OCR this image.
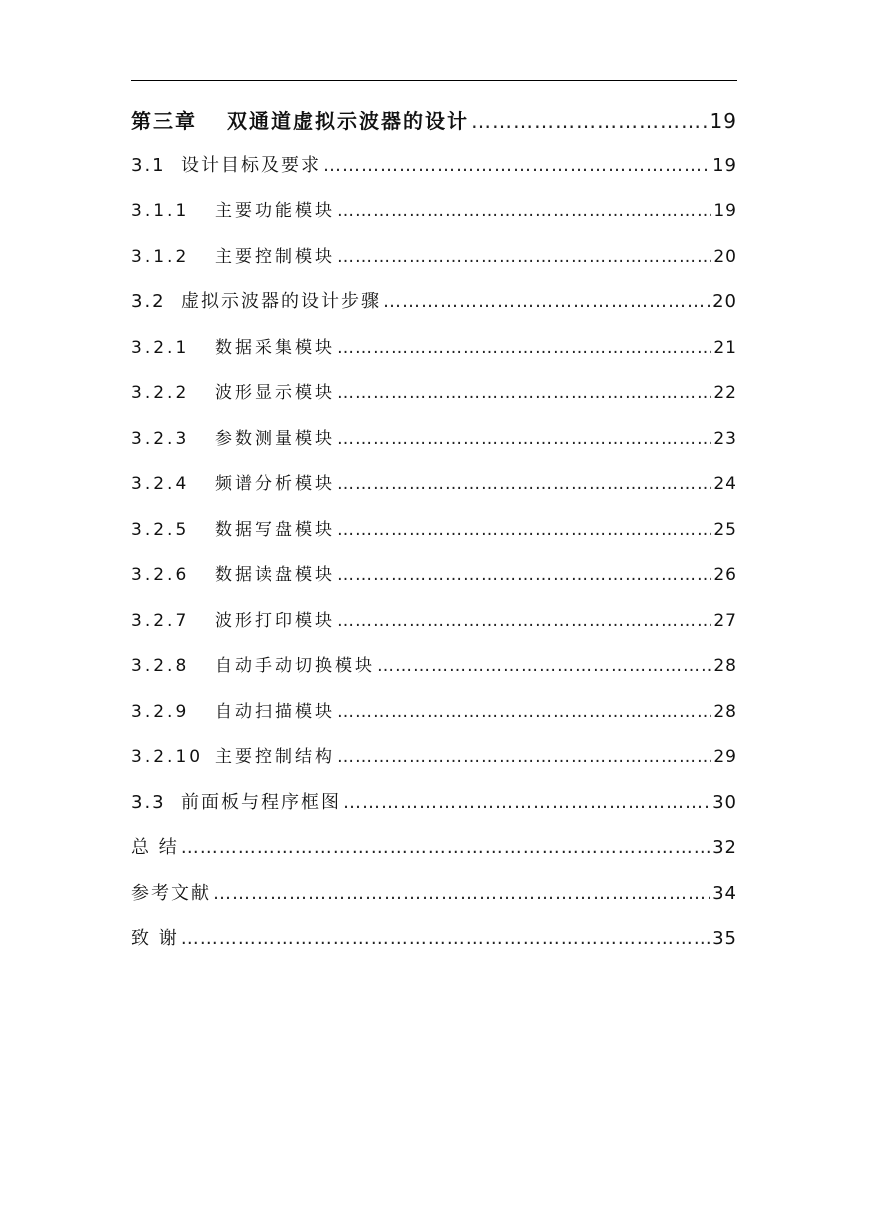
第三章	双通道虚拟示波器的设计 ……………………………………………………………………………………………………………………………………………	19
3.1 设计目标及要求 ……………………………………………………………………………………………………………………………………………	19
3.1.1	主要功能模块 ……………………………………………………………………………………………………………………………………………	19
3.1.2	主要控制模块 ……………………………………………………………………………………………………………………………………………	20
3.2 虚拟示波器的设计步骤 ……………………………………………………………………………………………………………………………………………	20
3.2.1	数据采集模块 ……………………………………………………………………………………………………………………………………………	21
3.2.2	波形显示模块 ……………………………………………………………………………………………………………………………………………	22
3.2.3	参数测量模块 ……………………………………………………………………………………………………………………………………………	23
3.2.4	频谱分析模块 ……………………………………………………………………………………………………………………………………………	24
3.2.5	数据写盘模块 ……………………………………………………………………………………………………………………………………………	25
3.2.6	数据读盘模块 ……………………………………………………………………………………………………………………………………………	26
3.2.7	波形打印模块 ……………………………………………………………………………………………………………………………………………	27
3.2.8	自动手动切换模块 ……………………………………………………………………………………………………………………………………………	28
3.2.9	自动扫描模块 ……………………………………………………………………………………………………………………………………………	28
3.2.10 主要控制结构 ……………………………………………………………………………………………………………………………………………	29
3.3 前面板与程序框图 ……………………………………………………………………………………………………………………………………………	30
总 结 ……………………………………………………………………………………………………………………………………………	32
参考文献 ……………………………………………………………………………………………………………………………………………	34
致 谢 ……………………………………………………………………………………………………………………………………………	35
